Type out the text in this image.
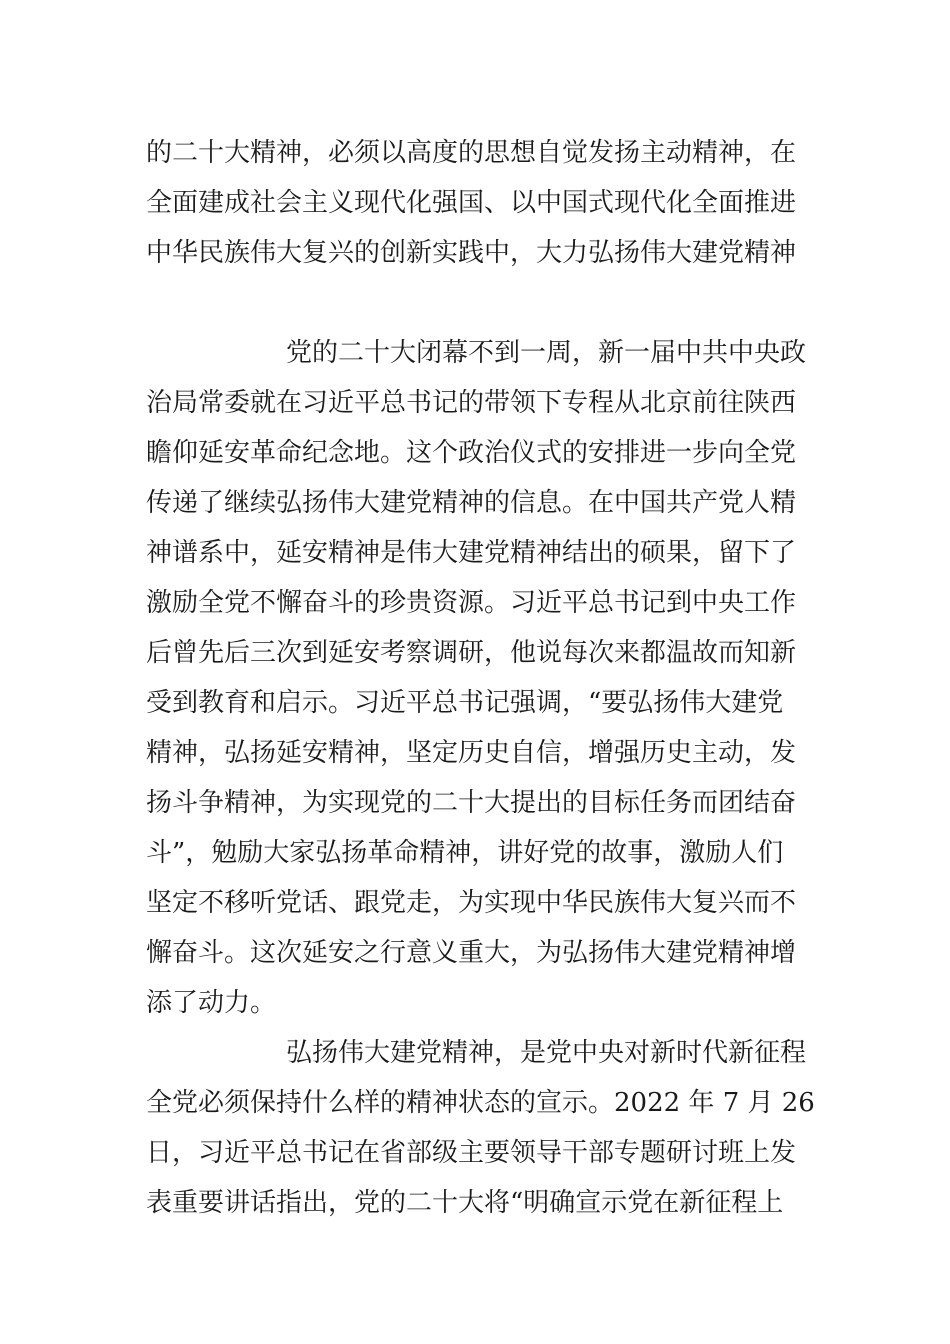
的二十大精神，必须以高度的思想自觉发扬主动精神，在
全面建成社会主义现代化强国、以中国式现代化全面推进
中华民族伟大复兴的创新实践中，大力弘扬伟大建党精神
党的二十大闭幕不到一周，新一届中共中央政
治局常委就在习近平总书记的带领下专程从北京前往陕西
瞻仰延安革命纪念地。这个政治仪式的安排进一步向全党
传递了继续弘扬伟大建党精神的信息。在中国共产党人精
神谱系中，延安精神是伟大建党精神结出的硕果，留下了
激励全党不懈奋斗的珍贵资源。习近平总书记到中央工作
后曾先后三次到延安考察调研，他说每次来都温故而知新
受到教育和启示。习近平总书记强调，“要弘扬伟大建党
精神，弘扬延安精神，坚定历史自信，增强历史主动，发
扬斗争精神，为实现党的二十大提出的目标任务而团结奋
斗”，勉励大家弘扬革命精神，讲好党的故事，激励人们
坚定不移听党话、跟党走，为实现中华民族伟大复兴而不
懈奋斗。这次延安之行意义重大，为弘扬伟大建党精神增
添了动力。
弘扬伟大建党精神，是党中央对新时代新征程
全党必须保持什么样的精神状态的宣示。2022 年 7 月 26
日，习近平总书记在省部级主要领导干部专题研讨班上发
表重要讲话指出，党的二十大将“明确宣示党在新征程上
